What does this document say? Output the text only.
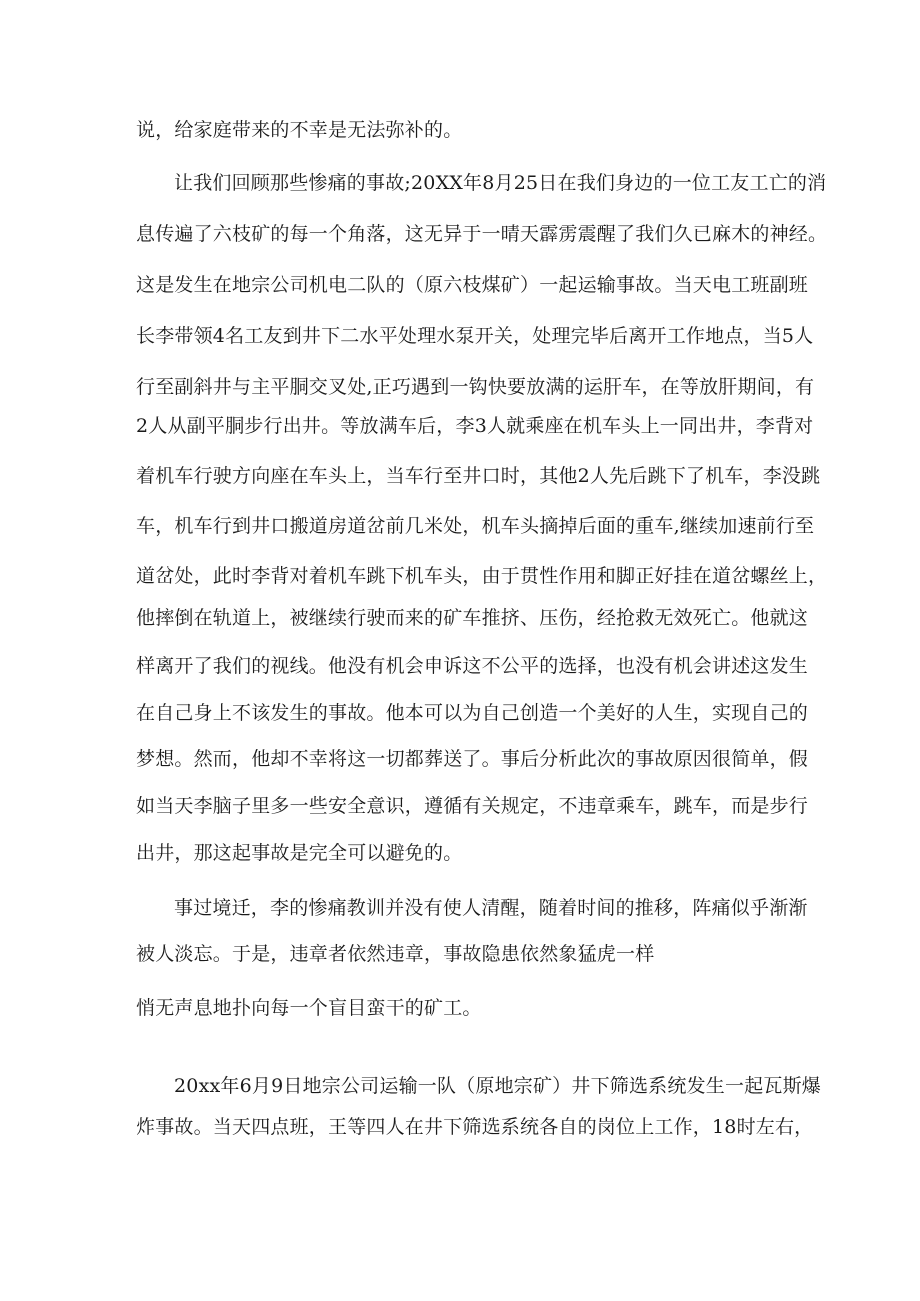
说，给家庭带来的不幸是无法弥补的。
让我们回顾那些惨痛的事故;20XX年8月25日在我们身边的一位工友工亡的消
息传遍了六枝矿的每一个角落，这无异于一晴天霹雳震醒了我们久已麻木的神经。
这是发生在地宗公司机电二队的（原六枝煤矿）一起运输事故。当天电工班副班
长李带领4名工友到井下二水平处理水泵开关，处理完毕后离开工作地点，当5人
行至副斜井与主平胴交叉处,正巧遇到一钩快要放满的运肝车，在等放肝期间，有
2人从副平胴步行出井。等放满车后，李3人就乘座在机车头上一同出井，李背对
着机车行驶方向座在车头上，当车行至井口时，其他2人先后跳下了机车，李没跳
车，机车行到井口搬道房道岔前几米处，机车头摘掉后面的重车,继续加速前行至
道岔处，此时李背对着机车跳下机车头，由于贯性作用和脚正好挂在道岔螺丝上，
他摔倒在轨道上，被继续行驶而来的矿车推挤、压伤，经抢救无效死亡。他就这
样离开了我们的视线。他没有机会申诉这不公平的选择，也没有机会讲述这发生
在自己身上不该发生的事故。他本可以为自己创造一个美好的人生，实现自己的
梦想。然而，他却不幸将这一切都葬送了。事后分析此次的事故原因很简单，假
如当天李脑子里多一些安全意识，遵循有关规定，不违章乘车，跳车，而是步行
出井，那这起事故是完全可以避免的。
事过境迁，李的惨痛教训并没有使人清醒，随着时间的推移，阵痛似乎渐渐
被人淡忘。于是，违章者依然违章，事故隐患依然象猛虎一样
悄无声息地扑向每一个盲目蛮干的矿工。
20xx年6月9日地宗公司运输一队（原地宗矿）井下筛选系统发生一起瓦斯爆
炸事故。当天四点班，王等四人在井下筛选系统各自的岗位上工作，18时左右，
